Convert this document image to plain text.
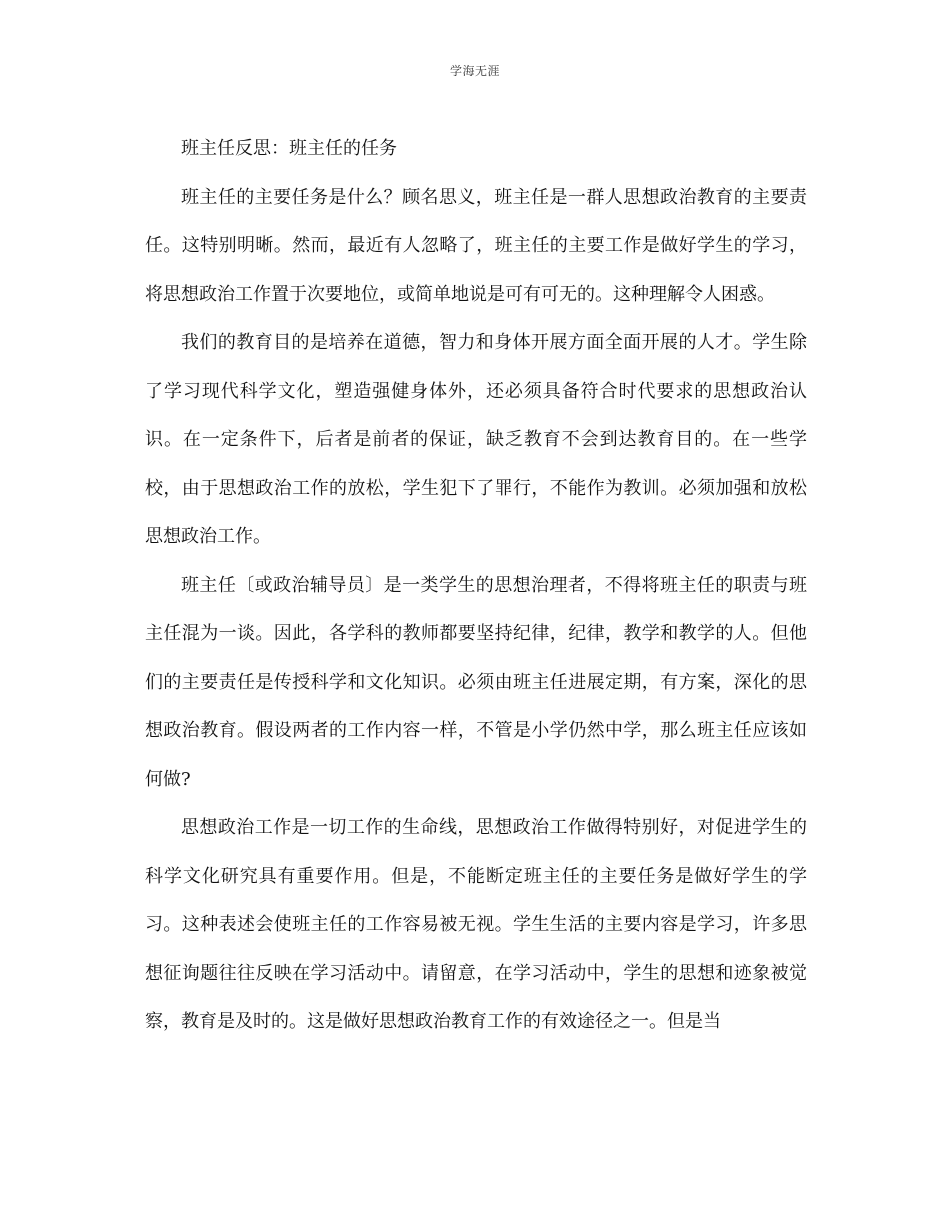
学海无涯

班主任反思：班主任的任务

班主任的主要任务是什么？顾名思义，班主任是一群人思想政治教育的主要责任。这特别明晰。然而，最近有人忽略了，班主任的主要工作是做好学生的学习，将思想政治工作置于次要地位，或简单地说是可有可无的。这种理解令人困惑。

我们的教育目的是培养在道德，智力和身体开展方面全面开展的人才。学生除了学习现代科学文化，塑造强健身体外，还必须具备符合时代要求的思想政治认识。在一定条件下，后者是前者的保证，缺乏教育不会到达教育目的。在一些学校，由于思想政治工作的放松，学生犯下了罪行，不能作为教训。必须加强和放松思想政治工作。

班主任〔或政治辅导员〕是一类学生的思想治理者，不得将班主任的职责与班主任混为一谈。因此，各学科的教师都要坚持纪律，纪律，教学和教学的人。但他们的主要责任是传授科学和文化知识。必须由班主任进展定期，有方案，深化的思想政治教育。假设两者的工作内容一样，不管是小学仍然中学，那么班主任应该如何做?

思想政治工作是一切工作的生命线，思想政治工作做得特别好，对促进学生的科学文化研究具有重要作用。但是，不能断定班主任的主要任务是做好学生的学习。这种表述会使班主任的工作容易被无视。学生生活的主要内容是学习，许多思想征询题往往反映在学习活动中。请留意，在学习活动中，学生的思想和迹象被觉察，教育是及时的。这是做好思想政治教育工作的有效途径之一。但是当
